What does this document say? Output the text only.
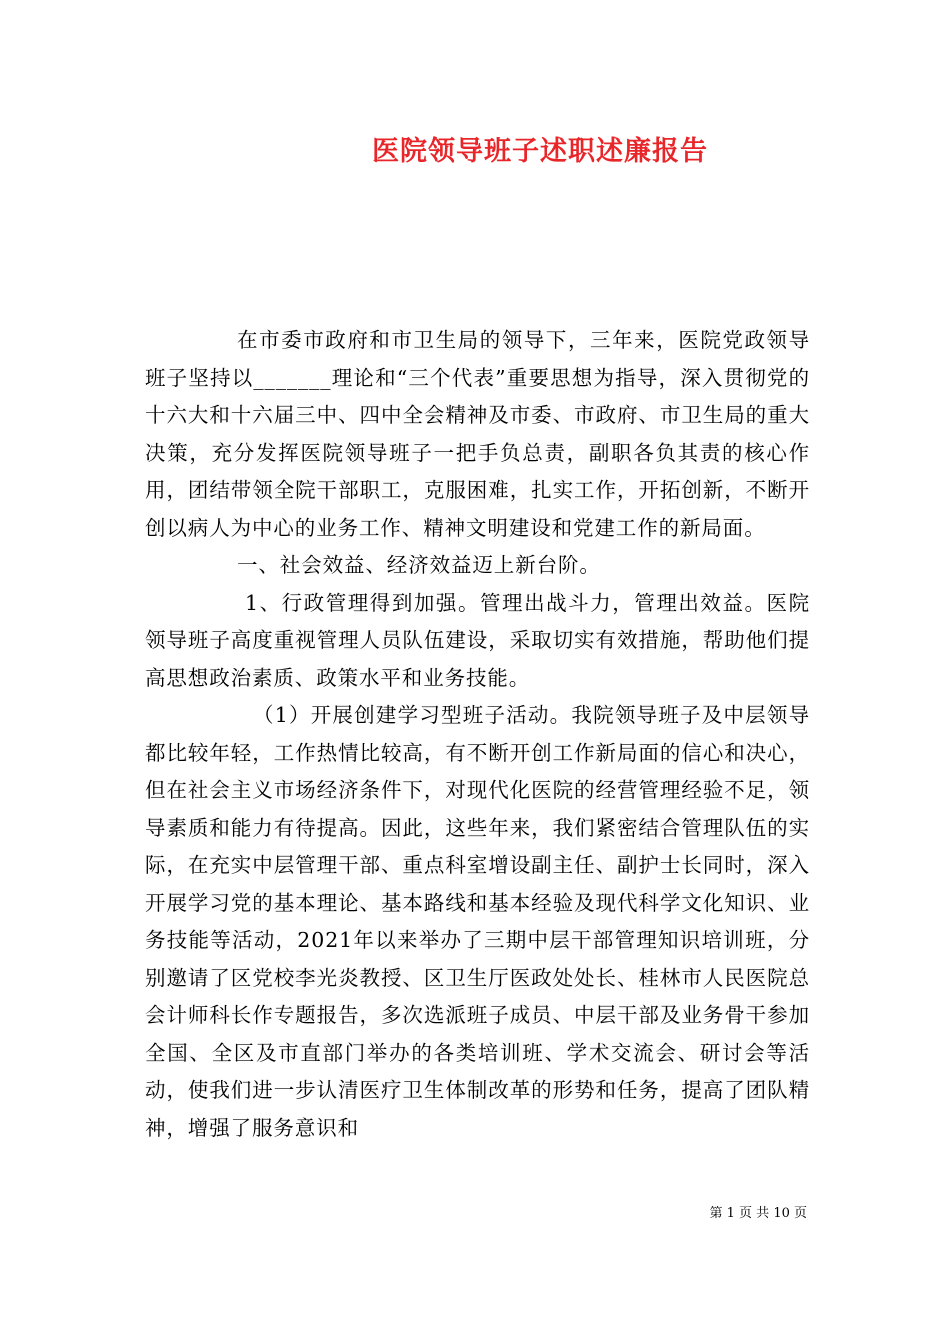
医院领导班子述职述廉报告

在市委市政府和市卫生局的领导下，三年来，医院党政领导班子坚持以_______理论和“三个代表”重要思想为指导，深入贯彻党的十六大和十六届三中、四中全会精神及市委、市政府、市卫生局的重大决策，充分发挥医院领导班子一把手负总责，副职各负其责的核心作用，团结带领全院干部职工，克服困难，扎实工作，开拓创新，不断开创以病人为中心的业务工作、精神文明建设和党建工作的新局面。

一、社会效益、经济效益迈上新台阶。

1、行政管理得到加强。管理出战斗力，管理出效益。医院领导班子高度重视管理人员队伍建设，采取切实有效措施，帮助他们提高思想政治素质、政策水平和业务技能。

（1）开展创建学习型班子活动。我院领导班子及中层领导都比较年轻，工作热情比较高，有不断开创工作新局面的信心和决心，但在社会主义市场经济条件下，对现代化医院的经营管理经验不足，领导素质和能力有待提高。因此，这些年来，我们紧密结合管理队伍的实际，在充实中层管理干部、重点科室增设副主任、副护士长同时，深入开展学习党的基本理论、基本路线和基本经验及现代科学文化知识、业务技能等活动，2021年以来举办了三期中层干部管理知识培训班，分别邀请了区党校李光炎教授、区卫生厅医政处处长、桂林市人民医院总会计师科长作专题报告，多次选派班子成员、中层干部及业务骨干参加全国、全区及市直部门举办的各类培训班、学术交流会、研讨会等活动，使我们进一步认清医疗卫生体制改革的形势和任务，提高了团队精神，增强了服务意识和

第 1 页 共 10 页
